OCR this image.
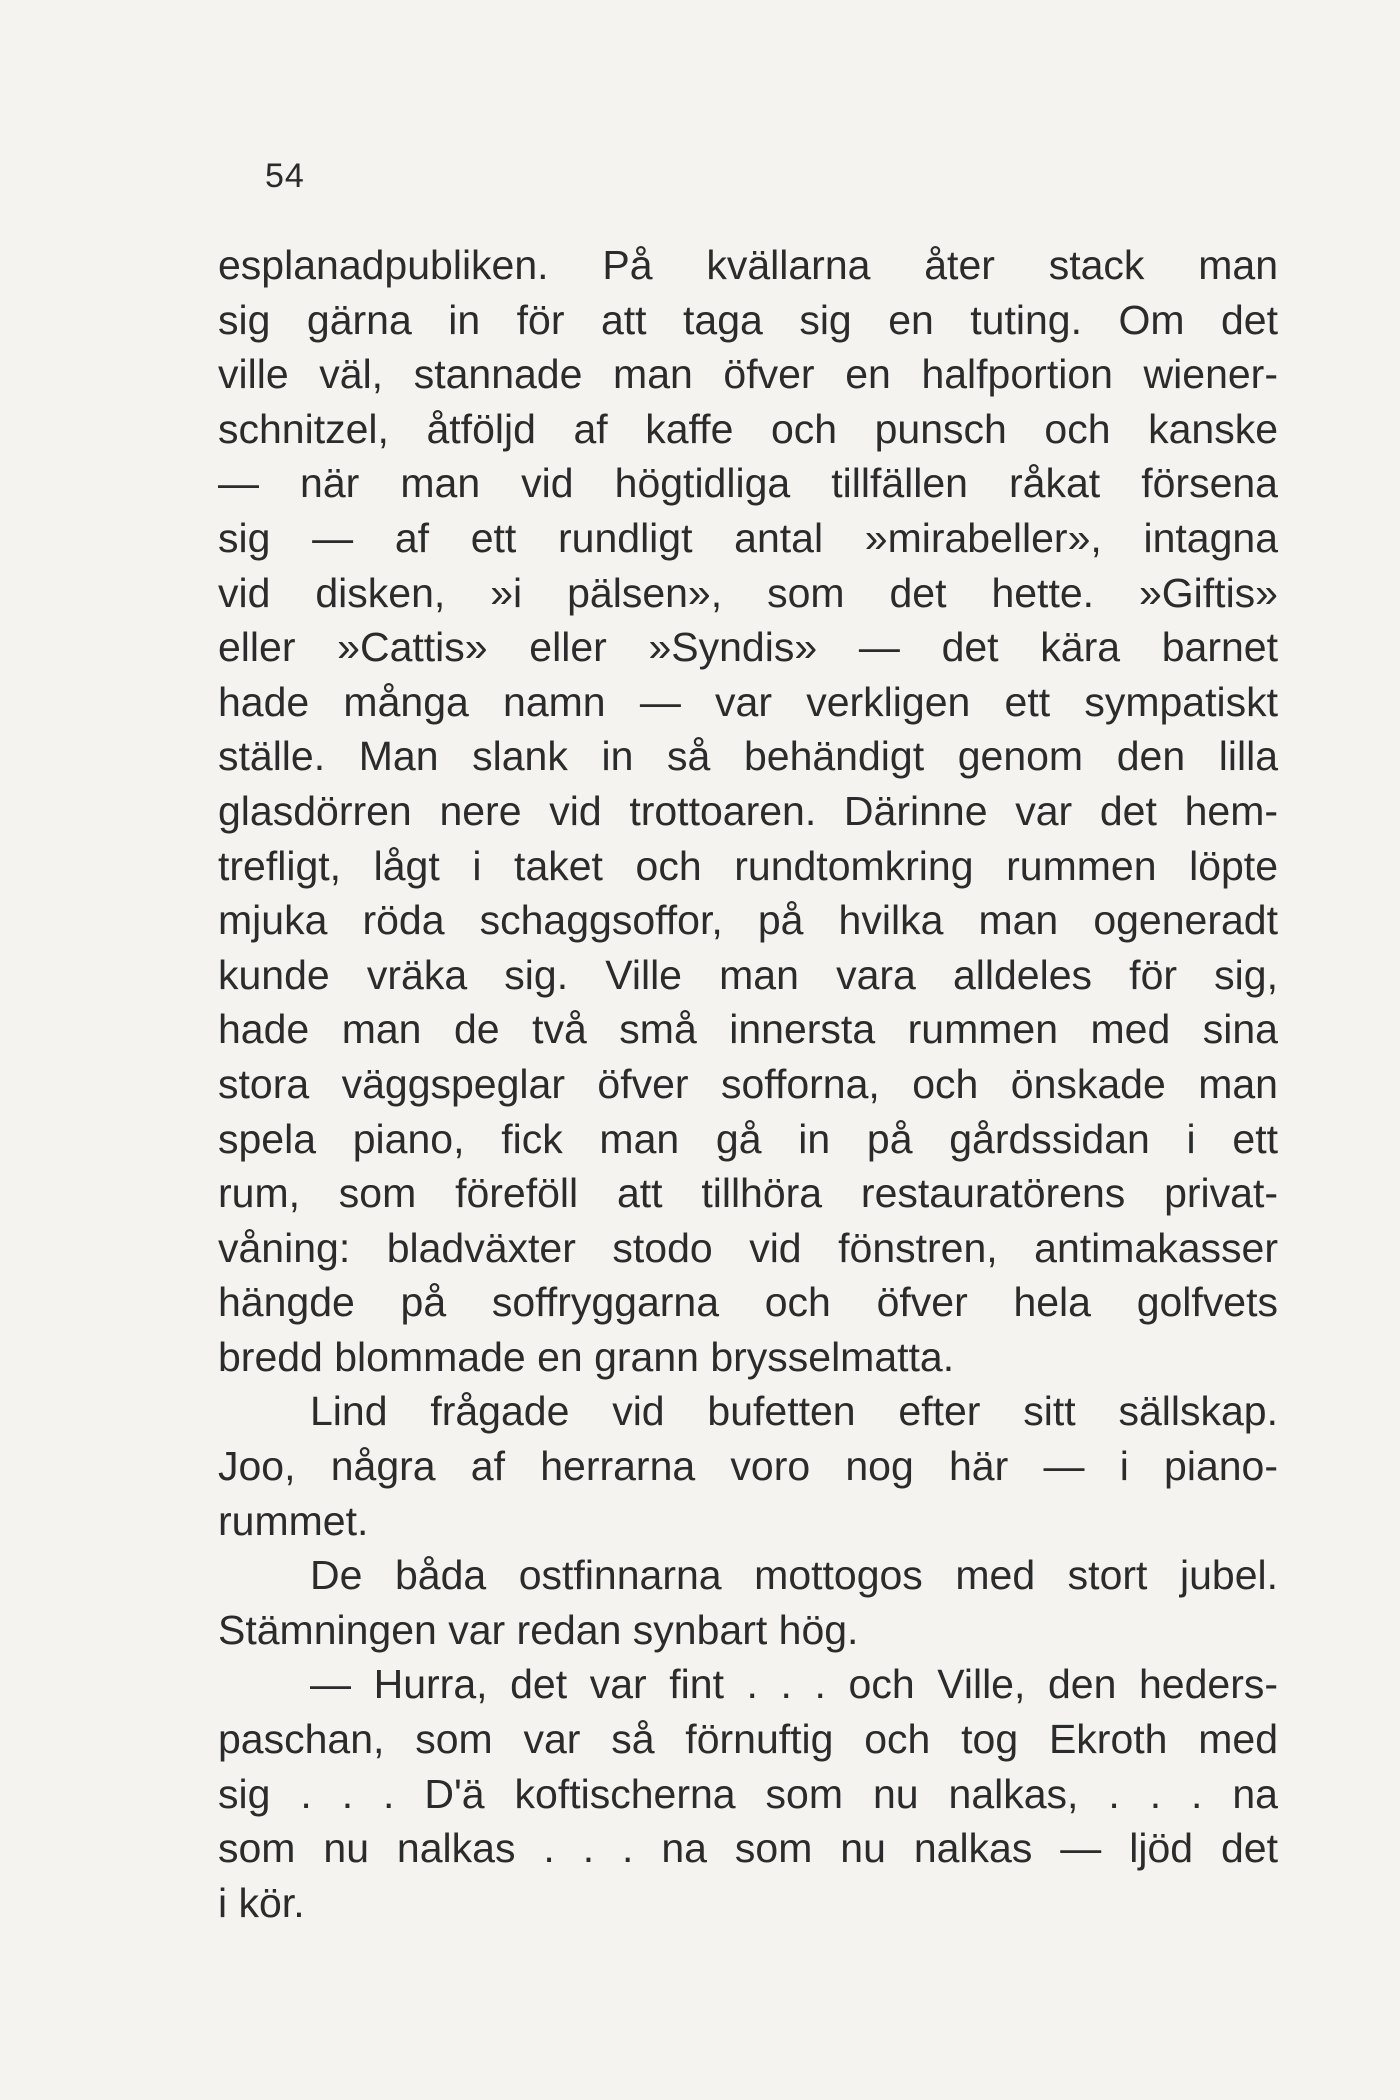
54
esplanadpubliken. På kvällarna åter stack man
sig gärna in för att taga sig en tuting. Om det
ville väl, stannade man öfver en halfportion wiener-
schnitzel, åtföljd af kaffe och punsch och kanske
— när man vid högtidliga tillfällen råkat försena
sig — af ett rundligt antal »mirabeller», intagna
vid disken, »i pälsen», som det hette. »Giftis»
eller »Cattis» eller »Syndis» — det kära barnet
hade många namn — var verkligen ett sympatiskt
ställe. Man slank in så behändigt genom den lilla
glasdörren nere vid trottoaren. Därinne var det hem-
trefligt, lågt i taket och rundtomkring rummen löpte
mjuka röda schaggsoffor, på hvilka man ogeneradt
kunde vräka sig. Ville man vara alldeles för sig,
hade man de två små innersta rummen med sina
stora väggspeglar öfver sofforna, och önskade man
spela piano, fick man gå in på gårdssidan i ett
rum, som föreföll att tillhöra restauratörens privat-
våning: bladväxter stodo vid fönstren, antimakasser
hängde på soffryggarna och öfver hela golfvets
bredd blommade en grann brysselmatta.
Lind frågade vid bufetten efter sitt sällskap.
Joo, några af herrarna voro nog här — i piano-
rummet.
De båda ostfinnarna mottogos med stort jubel.
Stämningen var redan synbart hög.
— Hurra, det var fint . . . och Ville, den heders-
paschan, som var så förnuftig och tog Ekroth med
sig . . . D'ä koftischerna som nu nalkas, . . . na
som nu nalkas . . . na som nu nalkas — ljöd det
i kör.
